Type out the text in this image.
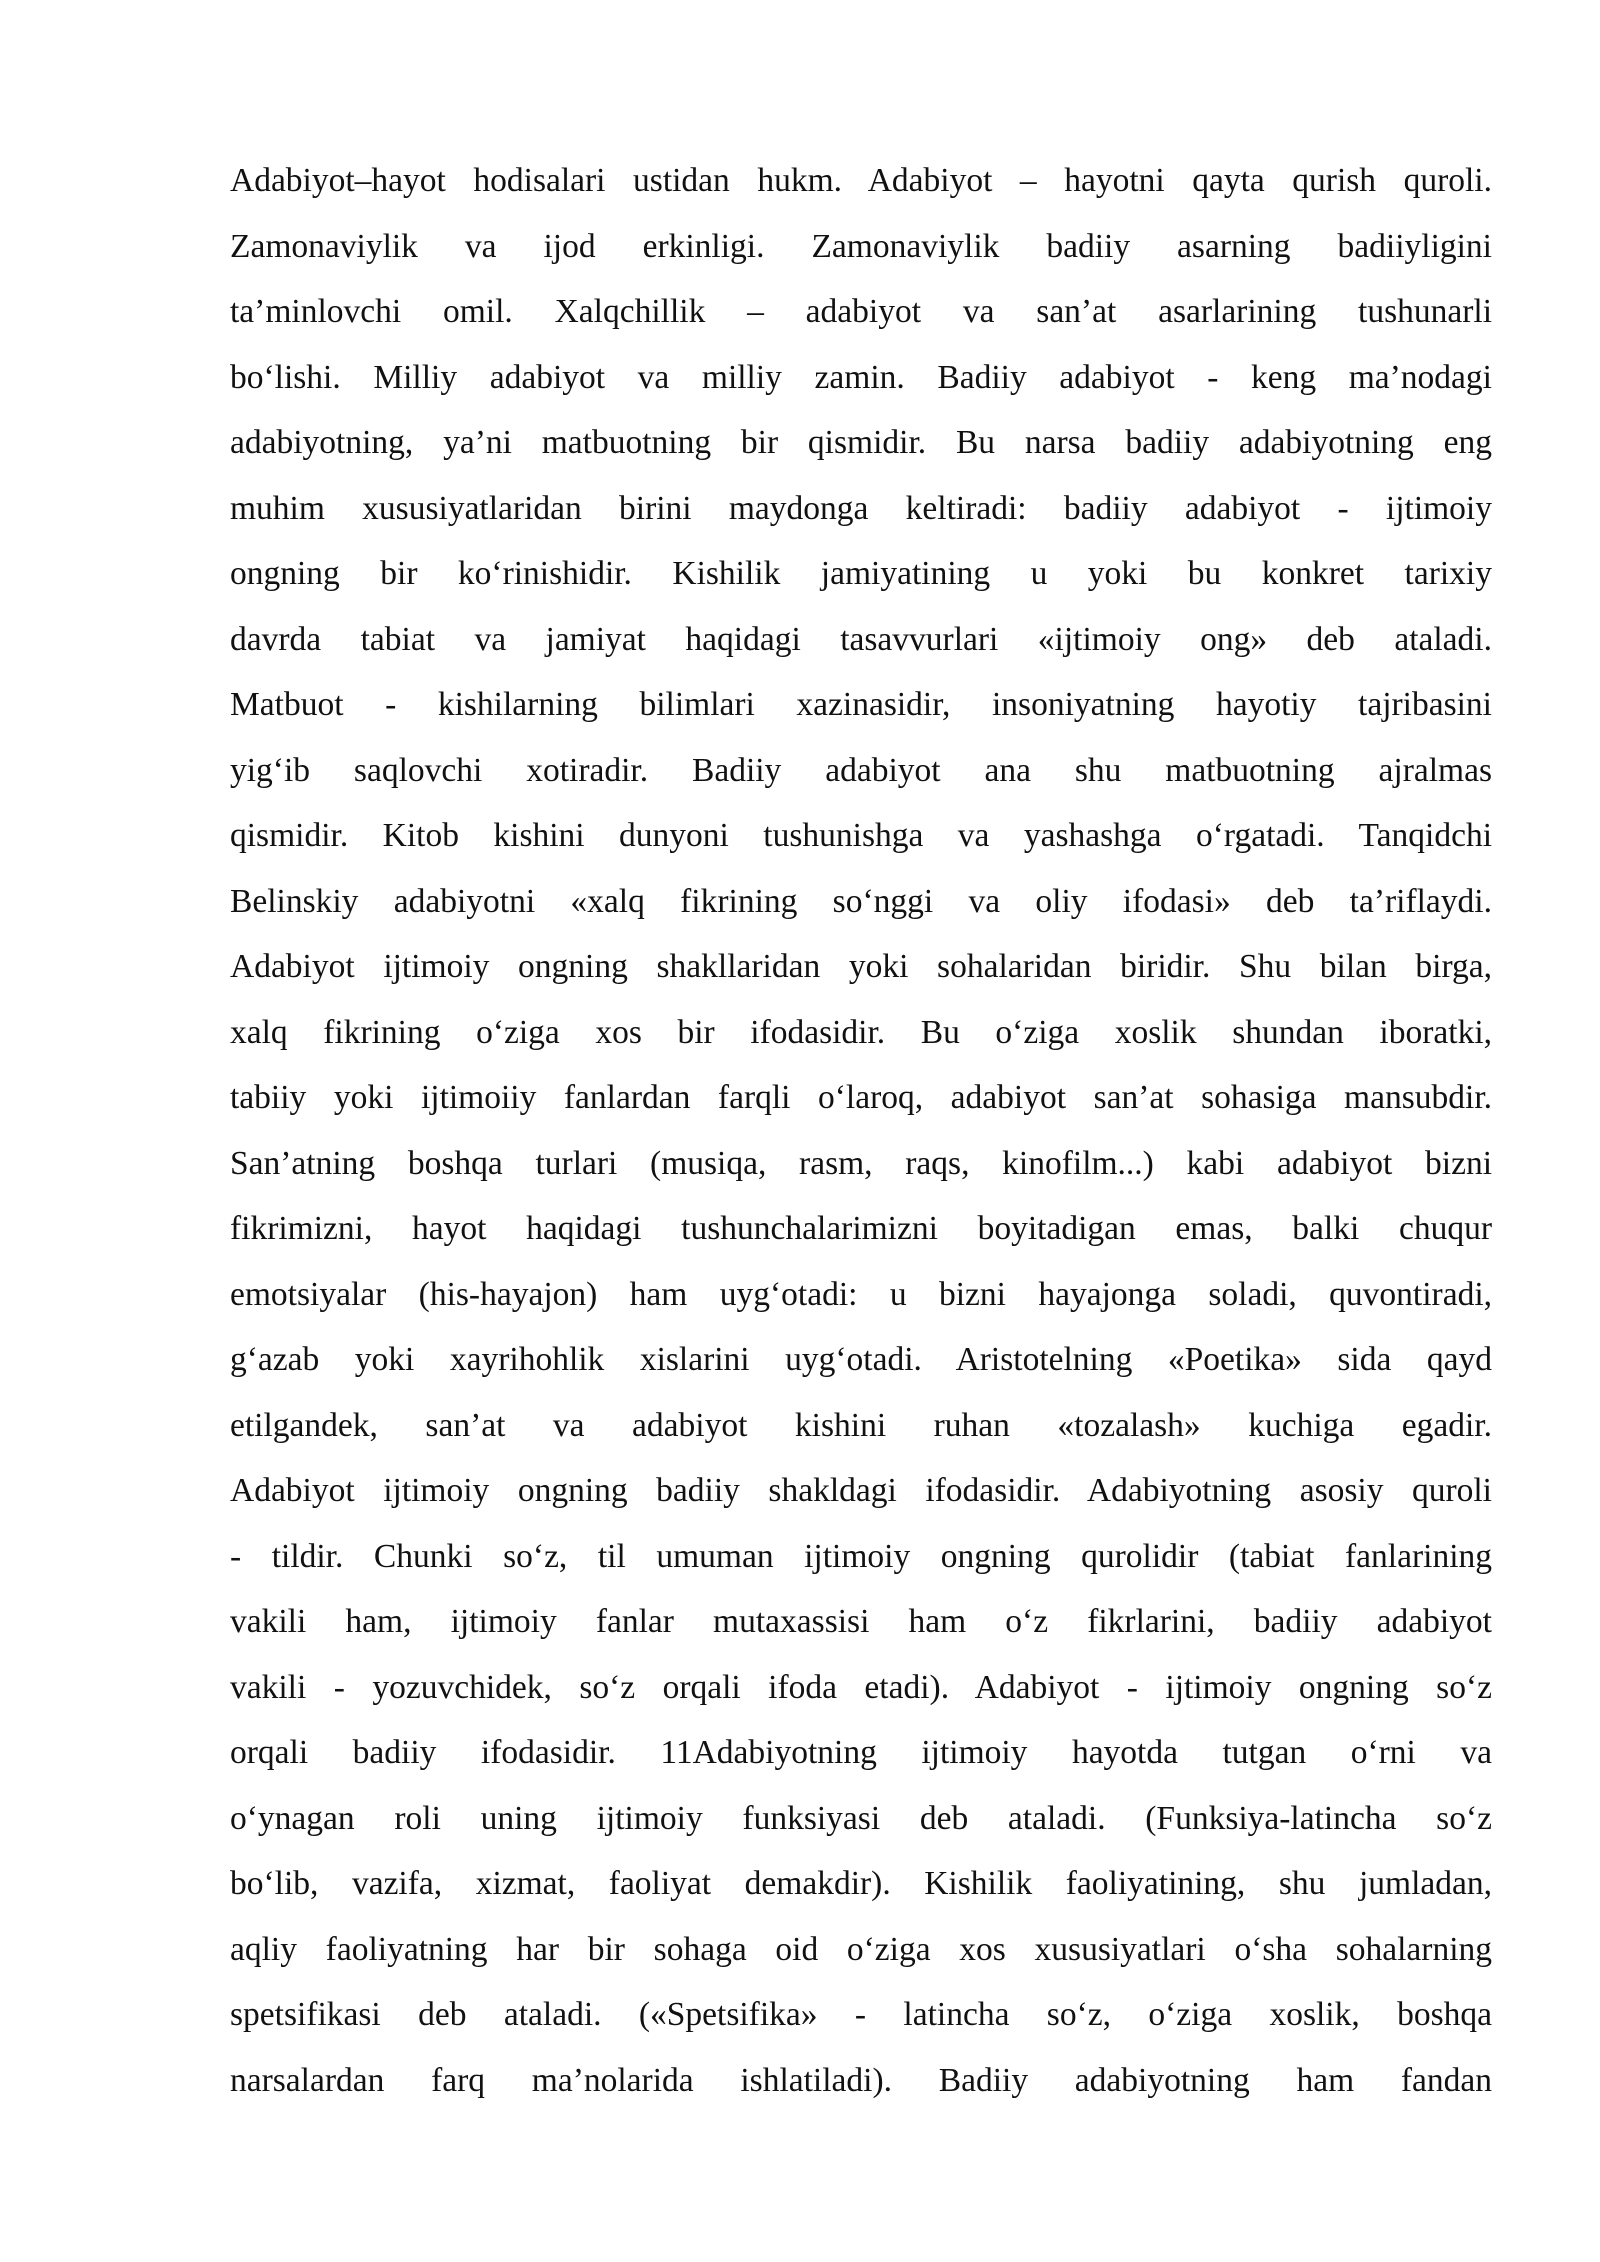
Adabiyot–hayot hodisalari ustidan hukm. Adabiyot – hayotni qayta qurish quroli.
Zamonaviylik va ijod erkinligi. Zamonaviylik badiiy asarning badiiyligini
ta’minlovchi omil. Xalqchillik – adabiyot va san’at asarlarining tushunarli
bo‘lishi. Milliy adabiyot va milliy zamin. Badiiy adabiyot - keng ma’nodagi
adabiyotning, ya’ni matbuotning bir qismidir. Bu narsa badiiy adabiyotning eng
muhim xususiyatlaridan birini maydonga keltiradi: badiiy adabiyot - ijtimoiy
ongning bir ko‘rinishidir. Kishilik jamiyatining u yoki bu konkret tarixiy
davrda tabiat va jamiyat haqidagi tasavvurlari «ijtimoiy ong» deb ataladi.
Matbuot - kishilarning bilimlari xazinasidir, insoniyatning hayotiy tajribasini
yig‘ib saqlovchi xotiradir. Badiiy adabiyot ana shu matbuotning ajralmas
qismidir. Kitob kishini dunyoni tushunishga va yashashga o‘rgatadi. Tanqidchi
Belinskiy adabiyotni «xalq fikrining so‘nggi va oliy ifodasi» deb ta’riflaydi.
Adabiyot ijtimoiy ongning shakllaridan yoki sohalaridan biridir. Shu bilan birga,
xalq fikrining o‘ziga xos bir ifodasidir. Bu o‘ziga xoslik shundan iboratki,
tabiiy yoki ijtimoiiy fanlardan farqli o‘laroq, adabiyot san’at sohasiga mansubdir.
San’atning boshqa turlari (musiqa, rasm, raqs, kinofilm...) kabi adabiyot bizni
fikrimizni, hayot haqidagi tushunchalarimizni boyitadigan emas, balki chuqur
emotsiyalar (his-hayajon) ham uyg‘otadi: u bizni hayajonga soladi, quvontiradi,
g‘azab yoki xayrihohlik xislarini uyg‘otadi. Aristotelning «Poetika» sida qayd
etilgandek, san’at va adabiyot kishini ruhan «tozalash» kuchiga egadir.
Adabiyot ijtimoiy ongning badiiy shakldagi ifodasidir. Adabiyotning asosiy quroli
- tildir. Chunki so‘z, til umuman ijtimoiy ongning qurolidir (tabiat fanlarining
vakili ham, ijtimoiy fanlar mutaxassisi ham o‘z fikrlarini, badiiy adabiyot
vakili - yozuvchidek, so‘z orqali ifoda etadi). Adabiyot - ijtimoiy ongning so‘z
orqali badiiy ifodasidir. 11Adabiyotning ijtimoiy hayotda tutgan o‘rni va
o‘ynagan roli uning ijtimoiy funksiyasi deb ataladi. (Funksiya-latincha so‘z
bo‘lib, vazifa, xizmat, faoliyat demakdir). Kishilik faoliyatining, shu jumladan,
aqliy faoliyatning har bir sohaga oid o‘ziga xos xususiyatlari o‘sha sohalarning
spetsifikasi deb ataladi. («Spetsifika» - latincha so‘z, o‘ziga xoslik, boshqa
narsalardan farq ma’nolarida ishlatiladi). Badiiy adabiyotning ham fandan
